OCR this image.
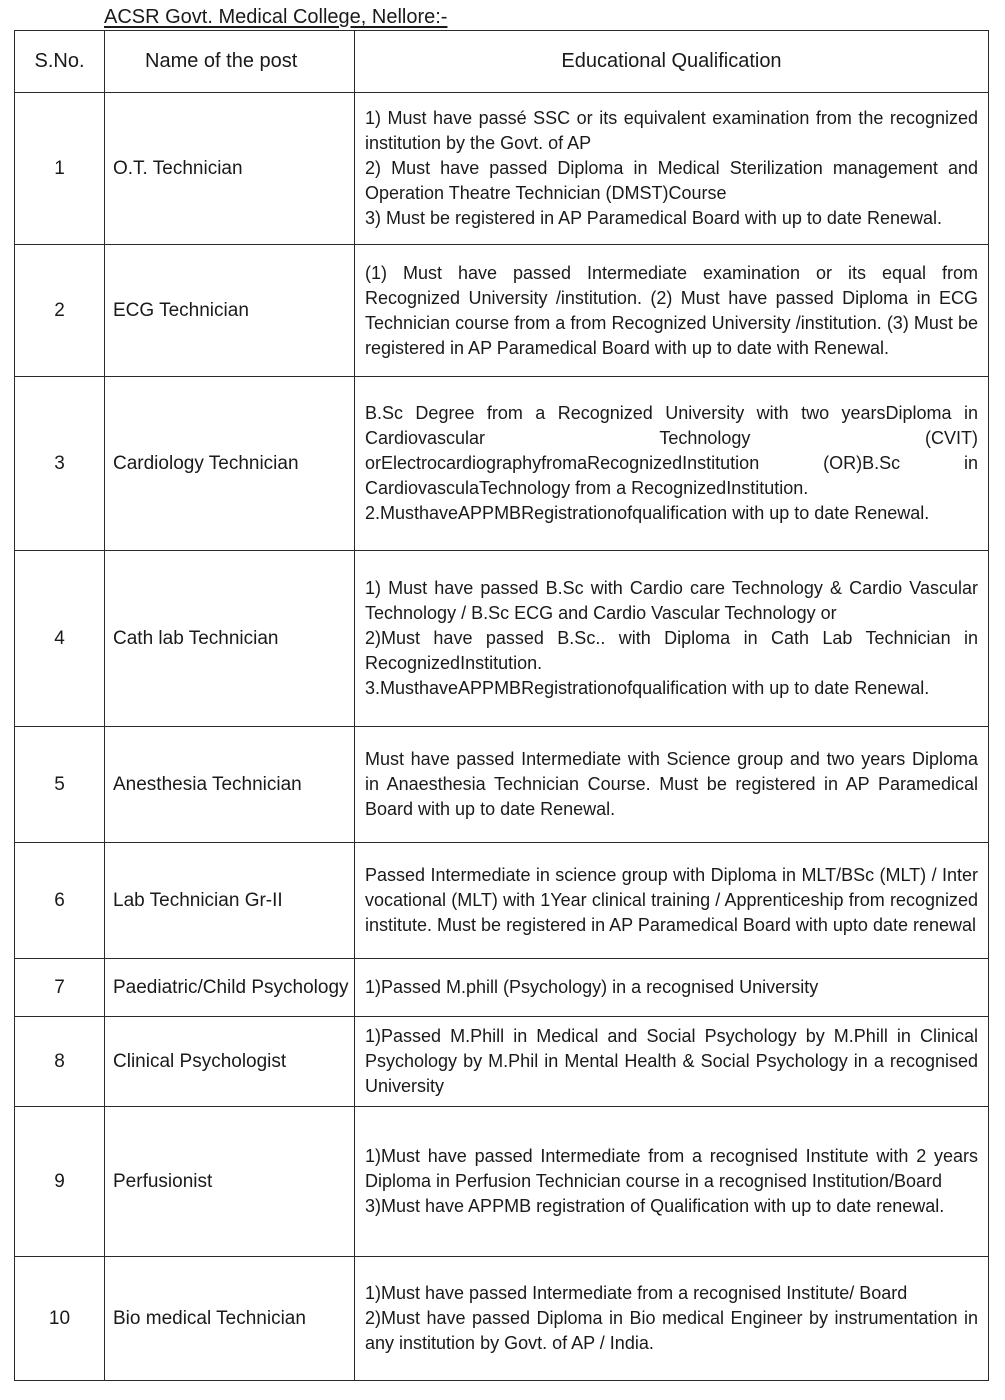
ACSR Govt. Medical College, Nellore:-
S.No.	Name of the post	Educational Qualification
1	O.T. Technician	1) Must have passé SSC or its equivalent examination from the recognized institution by the Govt. of AP
2) Must have passed Diploma in Medical Sterilization management and Operation Theatre Technician (DMST)Course
3) Must be registered in AP Paramedical Board with up to date Renewal.

2	ECG Technician	(1) Must have passed Intermediate examination or its equal from Recognized University /institution. (2) Must have passed Diploma in ECG Technician course from a from Recognized University /institution. (3) Must be registered in AP Paramedical Board with up to date with Renewal.

3	Cardiology Technician	B.Sc Degree from a Recognized University with two yearsDiploma in Cardiovascular Technology (CVIT) orElectrocardiographyfromaRecognizedInstitution (OR)B.Sc in CardiovasculaTechnology from a RecognizedInstitution.
2.MusthaveAPPMBRegistrationofqualification with up to date Renewal.

4	Cath lab Technician	1) Must have passed B.Sc with Cardio care Technology & Cardio Vascular Technology / B.Sc ECG and Cardio Vascular Technology or
2)Must have passed B.Sc.. with Diploma in Cath Lab Technician in RecognizedInstitution.
3.MusthaveAPPMBRegistrationofqualification with up to date Renewal.

5	Anesthesia Technician	Must have passed Intermediate with Science group and two years Diploma in Anaesthesia Technician Course. Must be registered in AP Paramedical Board with up to date Renewal.

6	Lab Technician Gr-II	Passed Intermediate in science group with Diploma in MLT/BSc (MLT) / Inter vocational (MLT) with 1Year clinical training / Apprenticeship from recognized institute. Must be registered in AP Paramedical Board with upto date renewal

7	Paediatric/Child Psychology	1)Passed M.phill (Psychology) in a recognised University

8	Clinical Psychologist	1)Passed M.Phill in Medical and Social Psychology by M.Phill in Clinical Psychology by M.Phil in Mental Health & Social Psychology in a recognised University

9	Perfusionist	1)Must have passed Intermediate from a recognised Institute with 2 years Diploma in Perfusion Technician course in a recognised Institution/Board
3)Must have APPMB registration of Qualification with up to date renewal.

10	Bio medical Technician	1)Must have passed Intermediate from a recognised Institute/ Board
2)Must have passed Diploma in Bio medical Engineer by instrumentation in any institution by Govt. of AP / India.
